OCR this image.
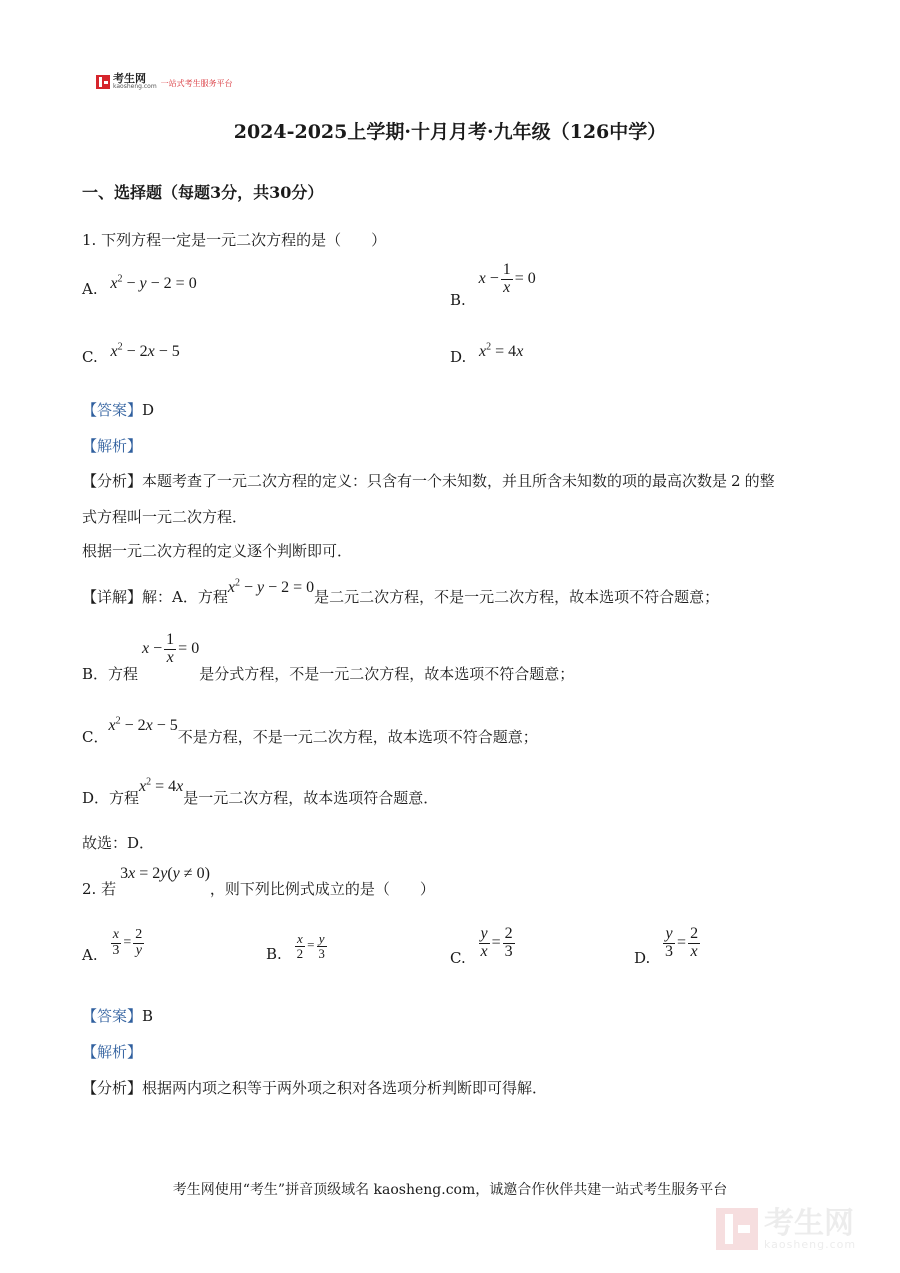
考生网
kaosheng.com 一站式考生服务平台
2024-2025上学期·十月月考·九年级（126中学）
一、选择题（每题3分，共30分）
1. 下列方程一定是一元二次方程的是（　　）
A. $x^2 - y - 2 = 0$
B. $x - \frac{1}{x} = 0$
C. $x^2 - 2x - 5$	D. $x^2 = 4x$
【答案】D
【解析】
【分析】本题考查了一元二次方程的定义：只含有一个未知数，并且所含未知数的项的最高次数是 2 的整
式方程叫一元二次方程．
根据一元二次方程的定义逐个判断即可．
【详解】解：A．方程$x^2 - y - 2 = 0$是二元二次方程，不是一元二次方程，故本选项不符合题意；
B．方程$x - \frac{1}{x} = 0$是分式方程，不是一元二次方程，故本选项不符合题意；
C．$x^2 - 2x - 5$不是方程，不是一元二次方程，故本选项不符合题意；
D．方程$x^2 = 4x$是一元二次方程，故本选项符合题意．
故选：D．
2. 若3x = 2y(y ≠ 0)，则下列比例式成立的是（　　）
A. $\frac{x}{3} = \frac{2}{y}$	B. $\frac{x}{2} = \frac{y}{3}$	C. $\frac{y}{x} = \frac{2}{3}$	D. $\frac{y}{3} = \frac{2}{x}$
【答案】B
【解析】
【分析】根据两内项之积等于两外项之积对各选项分析判断即可得解．
考生网使用“考生”拼音顶级域名 kaosheng.com，诚邀合作伙伴共建一站式考生服务平台
考生网
kaosheng.com
